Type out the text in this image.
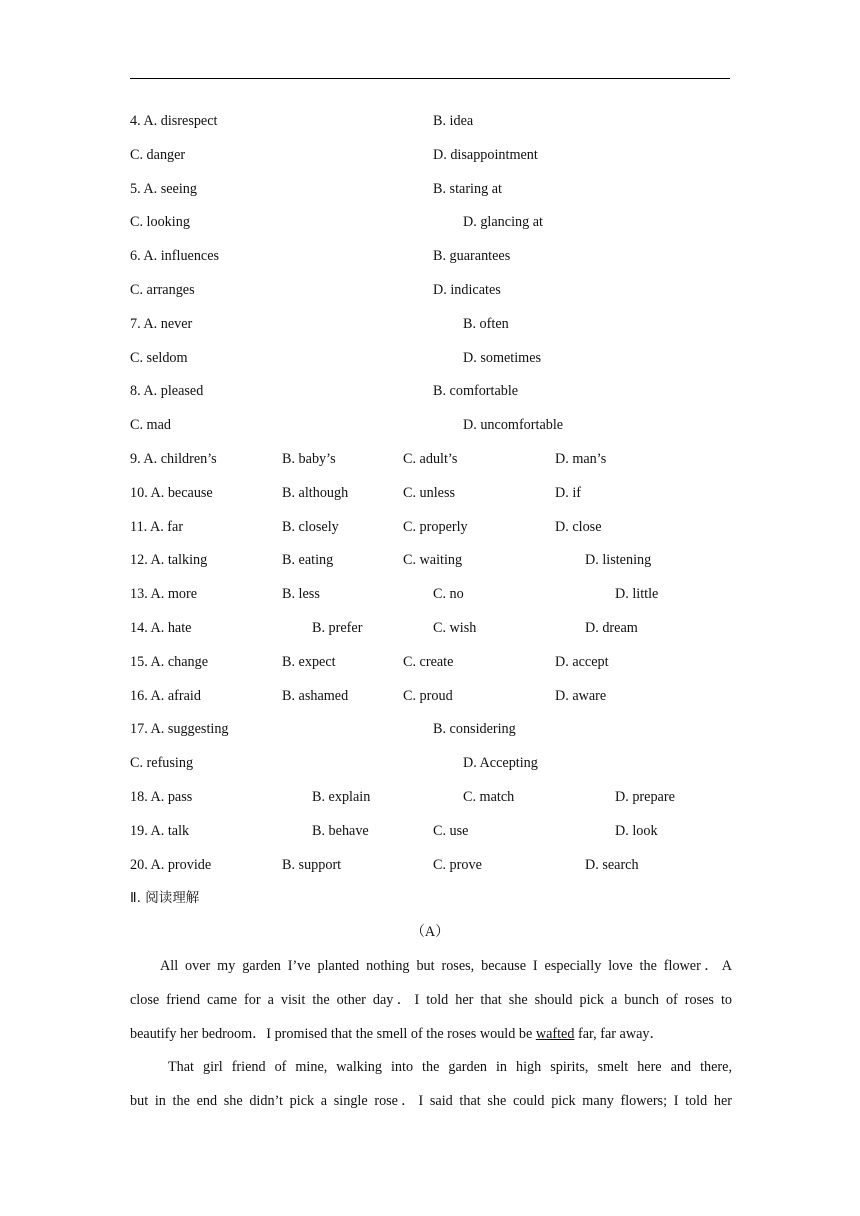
4. A. disrespect	B. idea
C. danger	D. disappointment
5. A. seeing	B. staring at
C. looking	D. glancing at
6. A. influences	B. guarantees
C. arranges	D. indicates
7. A. never	B. often
C. seldom	D. sometimes
8. A. pleased	B. comfortable
C. mad	D. uncomfortable
9. A. children’s	B. baby’s	C. adult’s	D. man’s
10. A. because	B. although	C. unless	D. if
11. A. far	B. closely	C. properly	D. close
12. A. talking	B. eating	C. waiting	D. listening
13. A. more	B. less	C. no	D. little
14. A. hate	B. prefer	C. wish	D. dream
15. A. change	B. expect	C. create	D. accept
16. A. afraid	B. ashamed	C. proud	D. aware
17. A. suggesting	B. considering
C. refusing	D. Accepting
18. A. pass	B. explain	C. match	D. prepare
19. A. talk	B. behave	C. use	D. look
20. A. provide	B. support	C. prove	D. search
Ⅱ. 阅读理解
（A）
All over my garden I’ve planted nothing but roses, because I especially love the flower．A
close friend came for a visit the other day．I told her that she should pick a bunch of roses to
beautify her bedroom．I promised that the smell of the roses would be wafted far, far away．
That girl friend of mine, walking into the garden in high spirits, smelt here and there,
but in the end she didn’t pick a single rose．I said that she could pick many flowers; I told her
